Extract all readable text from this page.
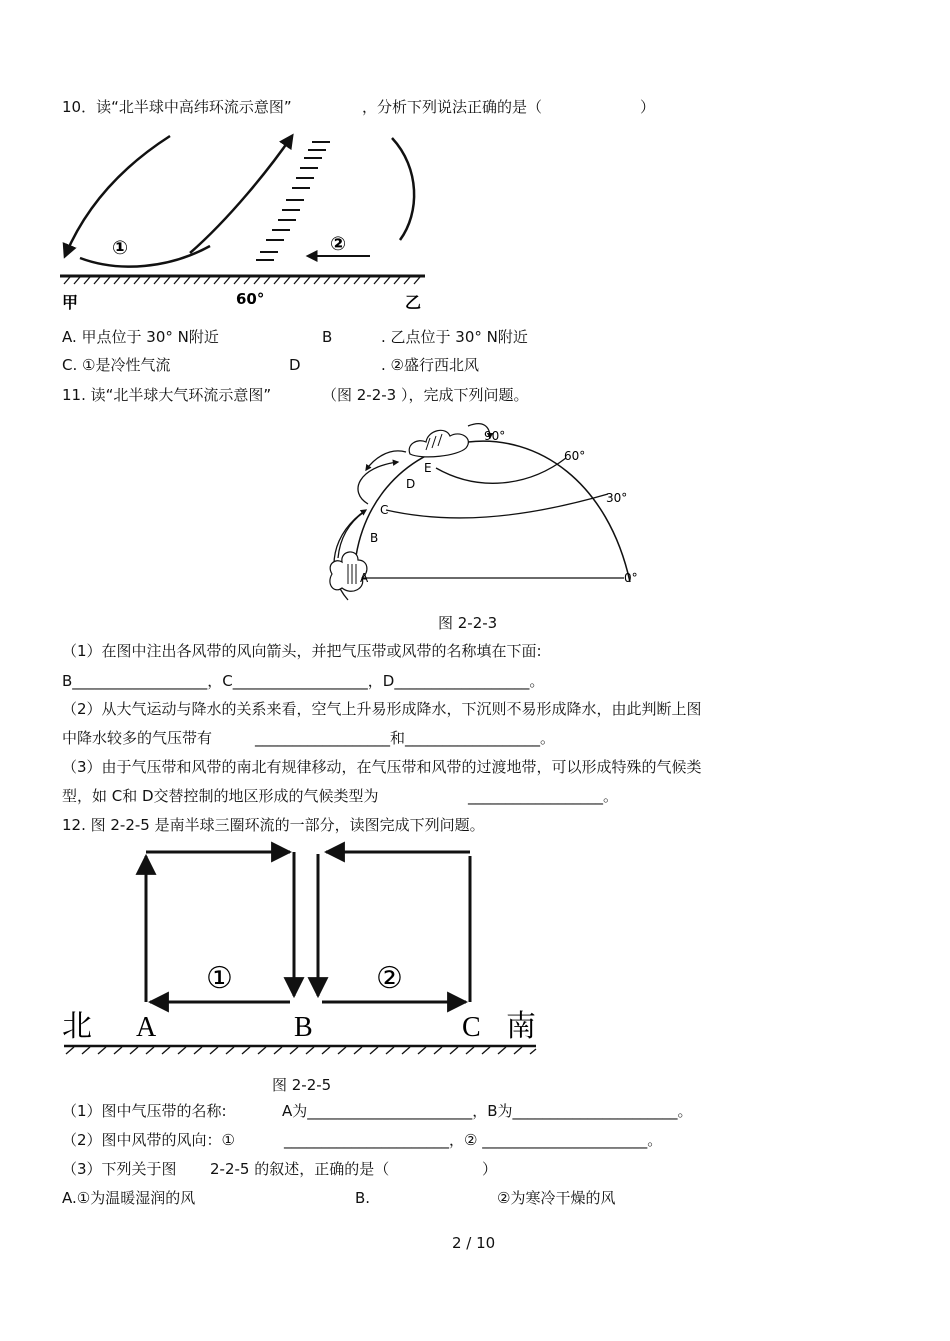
10．读“北半球中高纬环流示意图”	，分析下列说法正确的是（	）
①	②
甲	60°	乙
A. 甲点位于 30° N附近	B	. 乙点位于 30° N附近
C. ①是冷性气流	D	. ②盛行西北风
11. 读“北半球大气环流示意图”	（图 2-2-3 ），完成下列问题。
90°
60°
30°
0°
A
B
C
D
E
图 2-2-3
（1）在图中注出各风带的风向箭头，并把气压带或风带的名称填在下面:
B__________________，C__________________，D__________________。
（2）从大气运动与降水的关系来看，空气上升易形成降水，下沉则不易形成降水，由此判断上图
中降水较多的气压带有	__________________和__________________。
（3）由于气压带和风带的南北有规律移动，在气压带和风带的过渡地带，可以形成特殊的气候类
型，如 C和 D交替控制的地区形成的气候类型为	__________________。
12. 图 2-2-5 是南半球三圈环流的一部分，读图完成下列问题。
①	②
北 A	B	C 南
图 2-2-5
（1）图中气压带的名称:	A为______________________，B为______________________。
（2）图中风带的风向：①	______________________，② ______________________。
（3）下列关于图 2-2-5 的叙述，正确的是（	）
A.①为温暖湿润的风	B.	②为寒冷干燥的风
2 / 10
